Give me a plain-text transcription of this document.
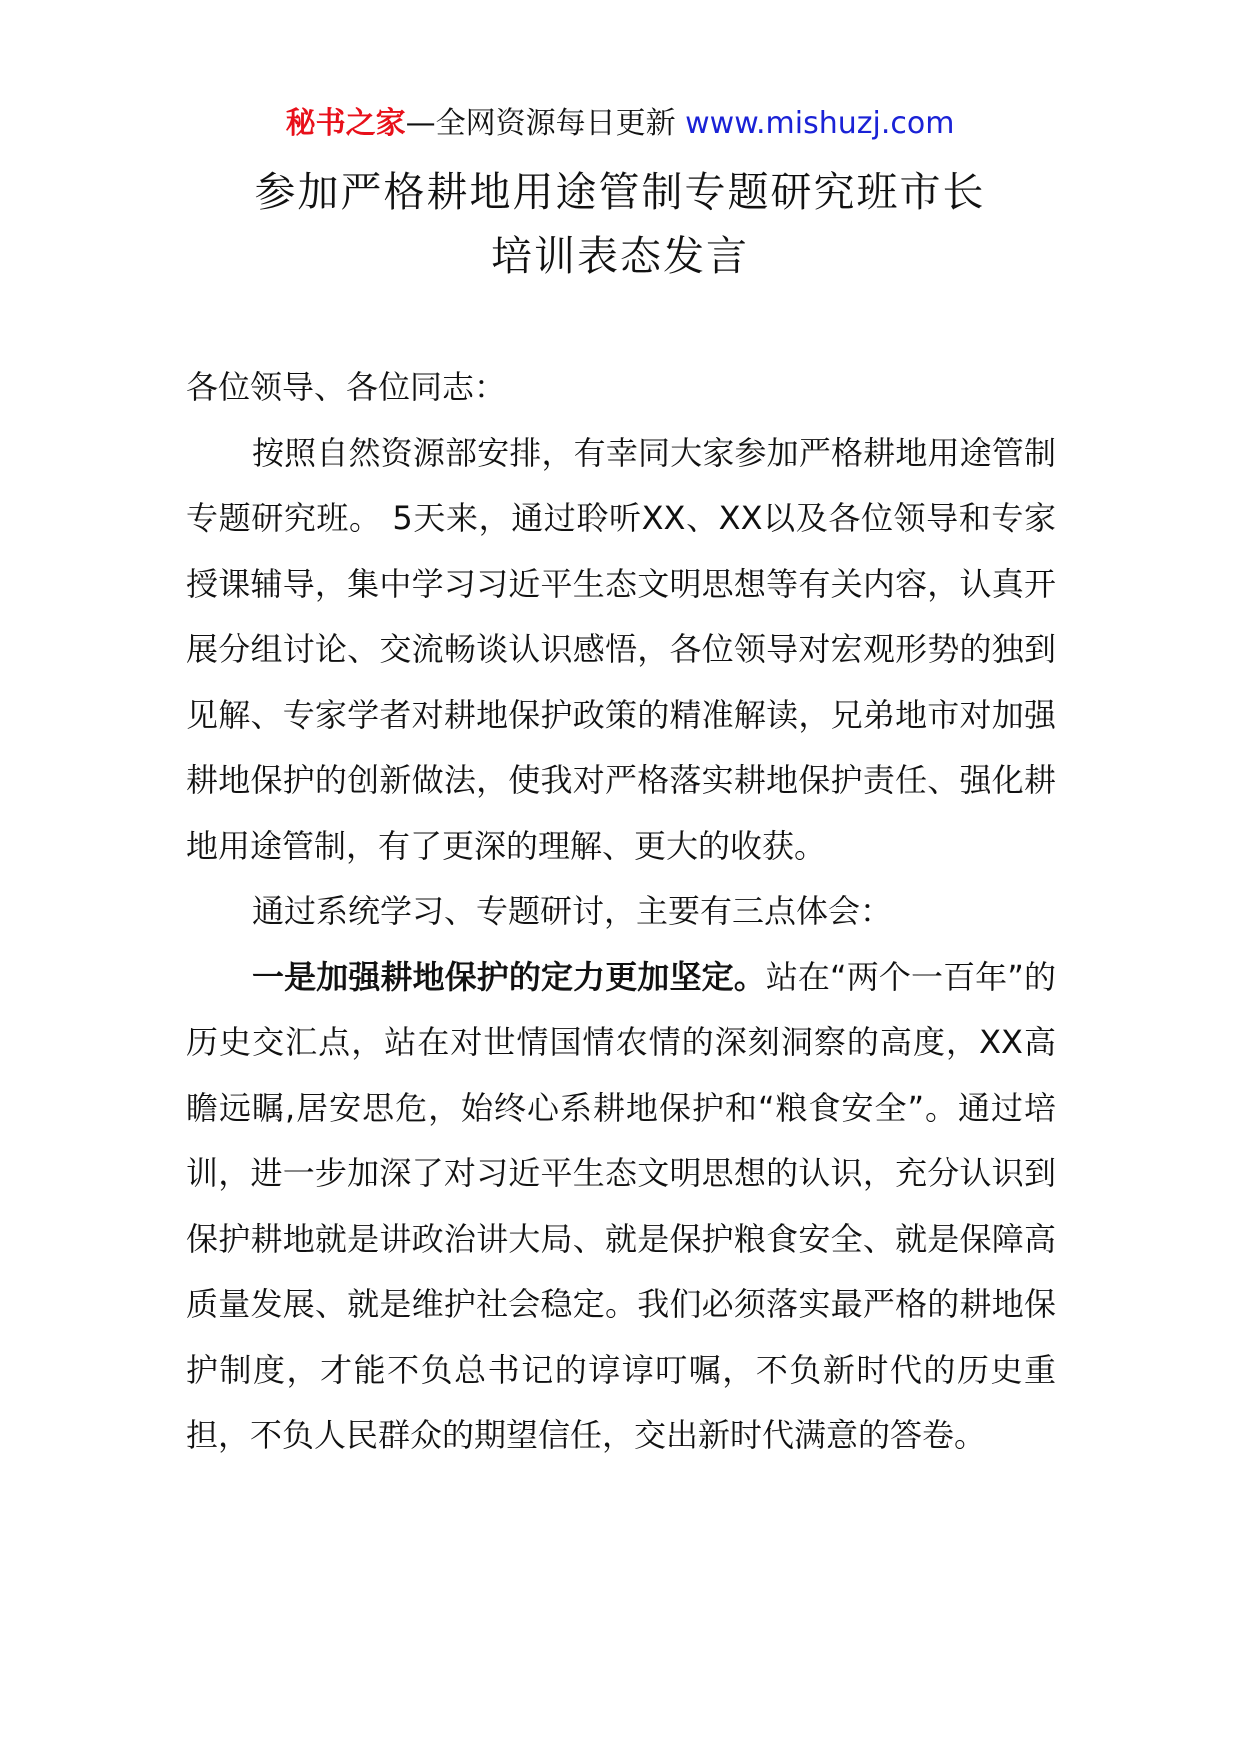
秘书之家—全网资源每日更新 www.mishuzj.com
参加严格耕地用途管制专题研究班市长
培训表态发言

各位领导、各位同志：

按照自然资源部安排，有幸同大家参加严格耕地用途管制专题研究班。 5天来，通过聆听XX、XX以及各位领导和专家授课辅导，集中学习习近平生态文明思想等有关内容，认真开展分组讨论、交流畅谈认识感悟，各位领导对宏观形势的独到见解、专家学者对耕地保护政策的精准解读，兄弟地市对加强耕地保护的创新做法，使我对严格落实耕地保护责任、强化耕地用途管制，有了更深的理解、更大的收获。

通过系统学习、专题研讨，主要有三点体会：

一是加强耕地保护的定力更加坚定。站在“两个一百年”的历史交汇点，站在对世情国情农情的深刻洞察的高度，XX高瞻远瞩,居安思危，始终心系耕地保护和“粮食安全”。通过培训，进一步加深了对习近平生态文明思想的认识，充分认识到保护耕地就是讲政治讲大局、就是保护粮食安全、就是保障高质量发展、就是维护社会稳定。我们必须落实最严格的耕地保护制度，才能不负总书记的谆谆叮嘱，不负新时代的历史重担，不负人民群众的期望信任，交出新时代满意的答卷。
